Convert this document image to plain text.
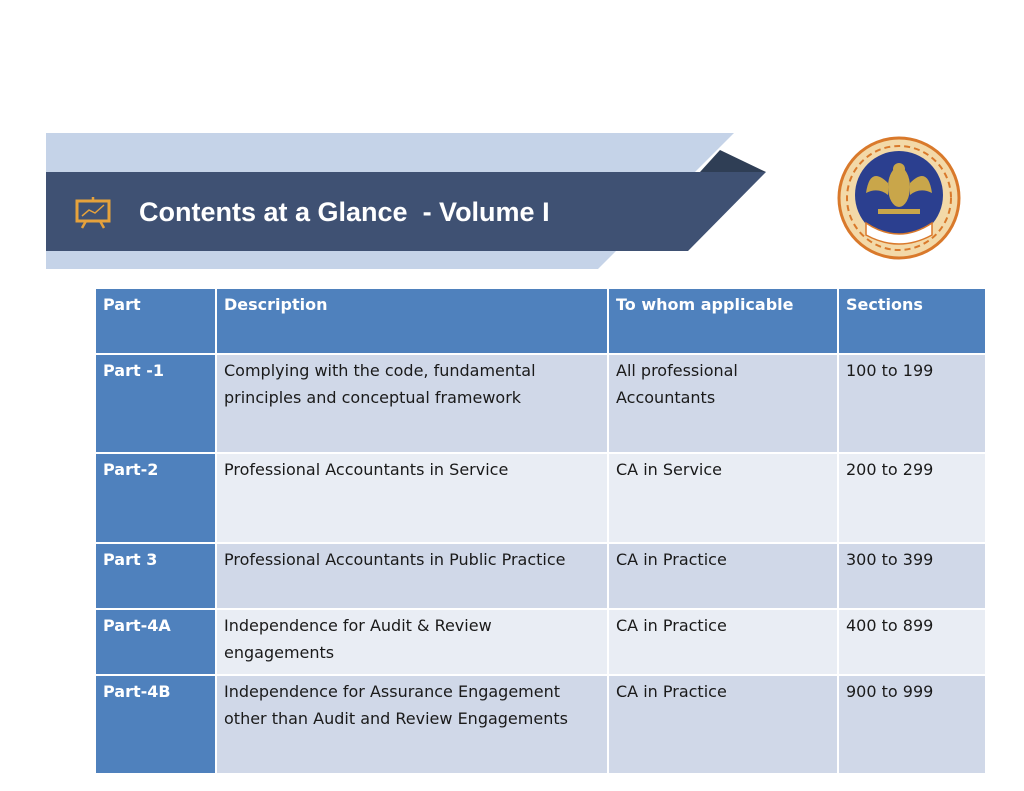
Contents at a Glance  - Volume I
Part	Description	To whom applicable	Sections
Part -1	Complying with the code, fundamental principles and conceptual framework	All professional Accountants	100 to 199
Part-2	Professional Accountants in Service	CA in Service	200 to 299
Part 3	Professional Accountants in Public Practice	CA in Practice	300 to 399
Part-4A	Independence for Audit & Review engagements	CA in Practice	400 to 899
Part-4B	Independence for Assurance Engagement other than Audit and Review Engagements	CA in Practice	900 to 999
